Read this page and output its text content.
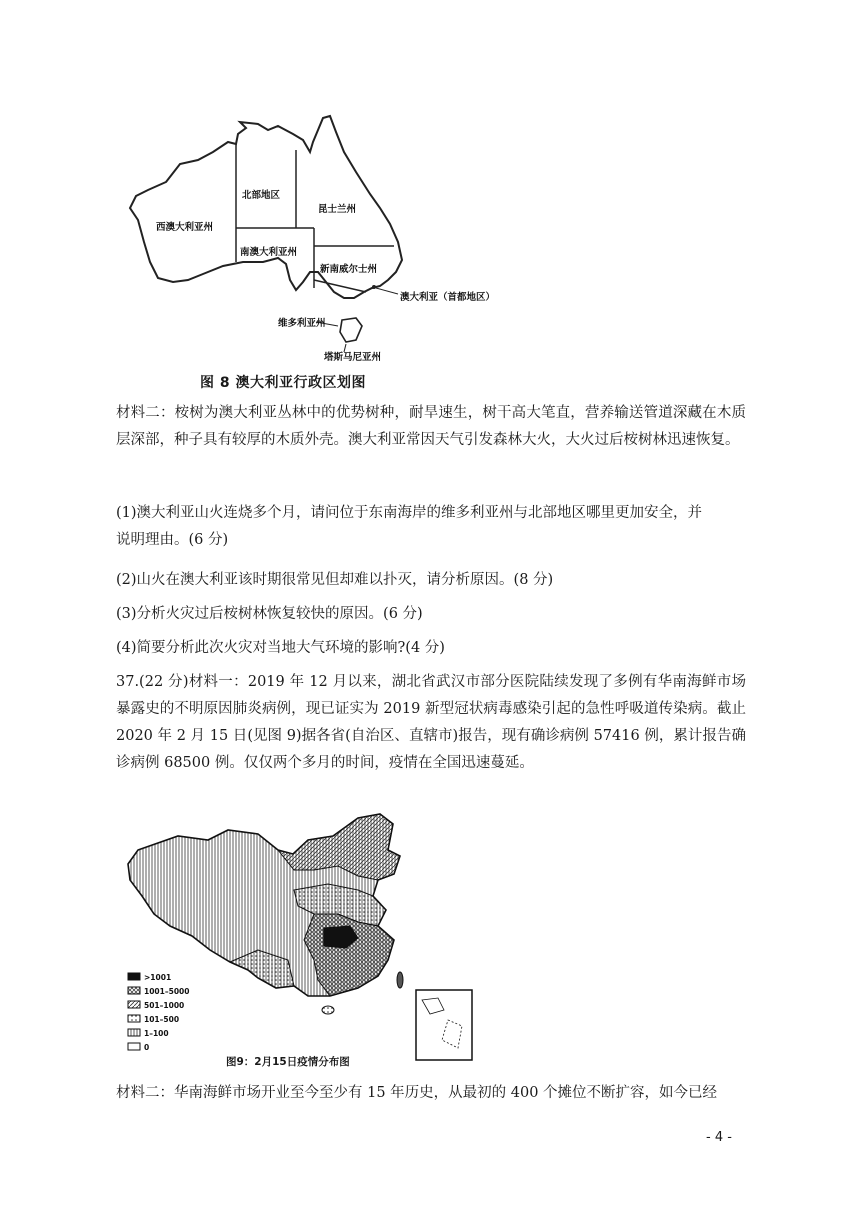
西澳大利亚州
北部地区
昆士兰州
南澳大利亚州
新南威尔士州
澳大利亚（首都地区）
维多利亚州
塔斯马尼亚州
图 8 澳大利亚行政区划图
材料二：桉树为澳大利亚丛林中的优势树种，耐旱速生，树干高大笔直，营养输送管道深藏在木质层深部，种子具有较厚的木质外壳。澳大利亚常因天气引发森林大火，大火过后桉树林迅速恢复。
(1)澳大利亚山火连烧多个月，请问位于东南海岸的维多利亚州与北部地区哪里更加安全，并
说明理由。(6 分)
(2)山火在澳大利亚该时期很常见但却难以扑灭，请分析原因。(8 分)
(3)分析火灾过后桉树林恢复较快的原因。(6 分)
(4)简要分析此次火灾对当地大气环境的影响?(4 分)
37.(22 分)材料一：2019 年 12 月以来，湖北省武汉市部分医院陆续发现了多例有华南海鲜市场暴露史的不明原因肺炎病例，现已证实为 2019 新型冠状病毒感染引起的急性呼吸道传染病。截止 2020 年 2 月 15 日(见图 9)据各省(自治区、直辖市)报告，现有确诊病例 57416 例，累计报告确诊病例 68500 例。仅仅两个多月的时间，疫情在全国迅速蔓延。
>1001
1001–5000
501–1000
101–500
1–100
0
图9：2月15日疫情分布图
材料二：华南海鲜市场开业至今至少有 15 年历史，从最初的 400 个摊位不断扩容，如今已经
- 4 -
